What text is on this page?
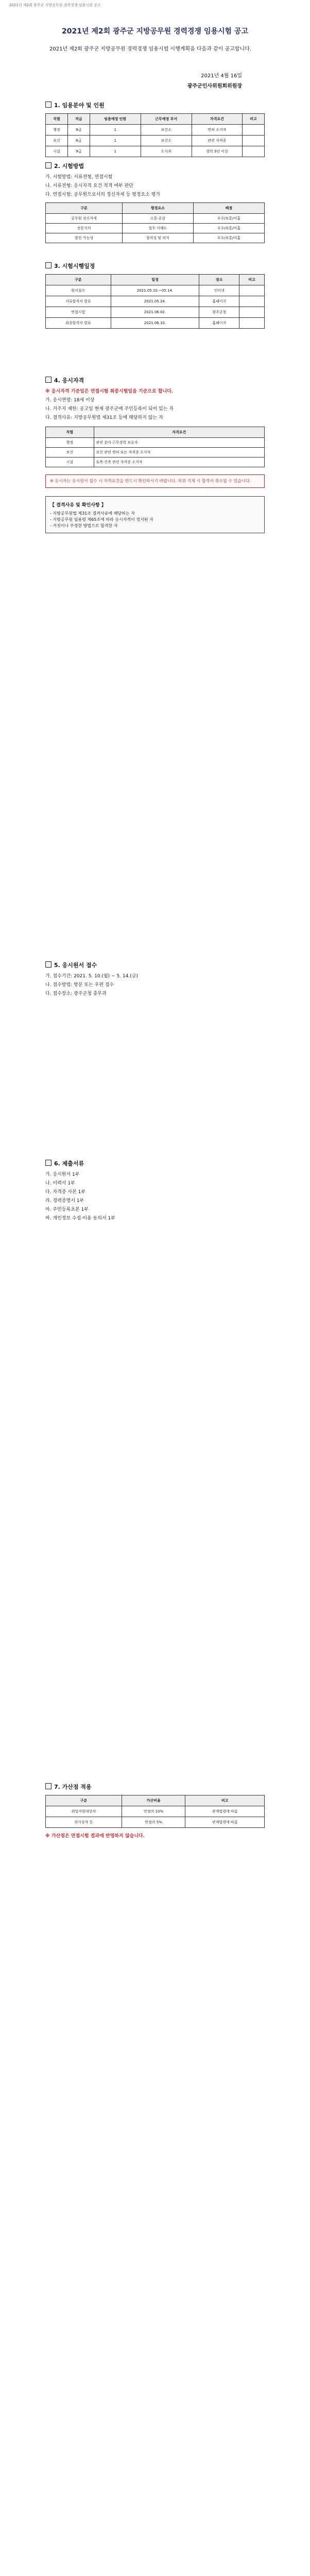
2021년 제2회 광주군 지방공무원 경력경쟁 임용시험 공고
2021년 제2회 광주군 지방공무원 경력경쟁 임용시험 공고
2021년 제2회 광주군 지방공무원 경력경쟁 임용시험 시행계획을 다음과 같이 공고합니다.
2021년 4월 16일
광주군인사위원회위원장
1. 임용분야 및 인원
직렬	직급	임용예정 인원	근무예정 부서	자격요건	비고
행정	9급	1	보건소	면허 소지자	
보건	8급	1	보건소	관련 자격증	
시설	9급	1	도시과	경력 3년 이상	
2. 시험방법
가. 시험방법: 서류전형, 면접시험
나. 서류전형: 응시자격 요건 적격 여부 판단
다. 면접시험: 공무원으로서의 정신자세 등 평정요소 평가
구분	평정요소	배점
공무원 정신자세	소통·공감	우수/보통/미흡
전문지식	업무 이해도	우수/보통/미흡
발전 가능성	창의성 및 의지	우수/보통/미흡
3. 시험시행일정
구분	일정	장소	비고
원서접수	2021.05.10.~05.14.	인터넷	
서류합격자 발표	2021.05.24.	홈페이지	
면접시험	2021.06.02.	광주군청	
최종합격자 발표	2021.06.10.	홈페이지	
4. 응시자격
※ 응시자격 기준일은 면접시험 최종시험일을 기준으로 합니다.
가. 응시연령: 18세 이상
나. 거주지 제한: 공고일 현재 광주군에 주민등록이 되어 있는 자
다. 결격사유: 지방공무원법 제31조 등에 해당하지 않는 자
직렬	자격요건
행정	관련 분야 근무경력 보유자
보건	보건 관련 면허 또는 자격증 소지자
시설	토목·건축 관련 자격증 소지자
※ 응시자는 응시원서 접수 시 자격요건을 반드시 확인하시기 바랍니다. 허위 기재 시 합격이 취소될 수 있습니다.
【 결격사유 및 확인사항 】
- 지방공무원법 제31조 결격사유에 해당하는 자
- 지방공무원 임용령 제65조에 따라 응시자격이 정지된 자
- 거짓이나 부정한 방법으로 합격한 자
5. 응시원서 접수
가. 접수기간: 2021. 5. 10.(월) ~ 5. 14.(금)
나. 접수방법: 방문 또는 우편 접수
다. 접수장소: 광주군청 총무과
6. 제출서류
가. 응시원서 1부
나. 이력서 1부
다. 자격증 사본 1부
라. 경력증명서 1부
마. 주민등록초본 1부
바. 개인정보 수집·이용 동의서 1부
7. 가산점 적용
구분	가산비율	비고
취업지원대상자	만점의 10%	관계법령에 따름
의사상자 등	만점의 5%	관계법령에 따름
※ 가산점은 면접시험 결과에 반영하지 않습니다.
